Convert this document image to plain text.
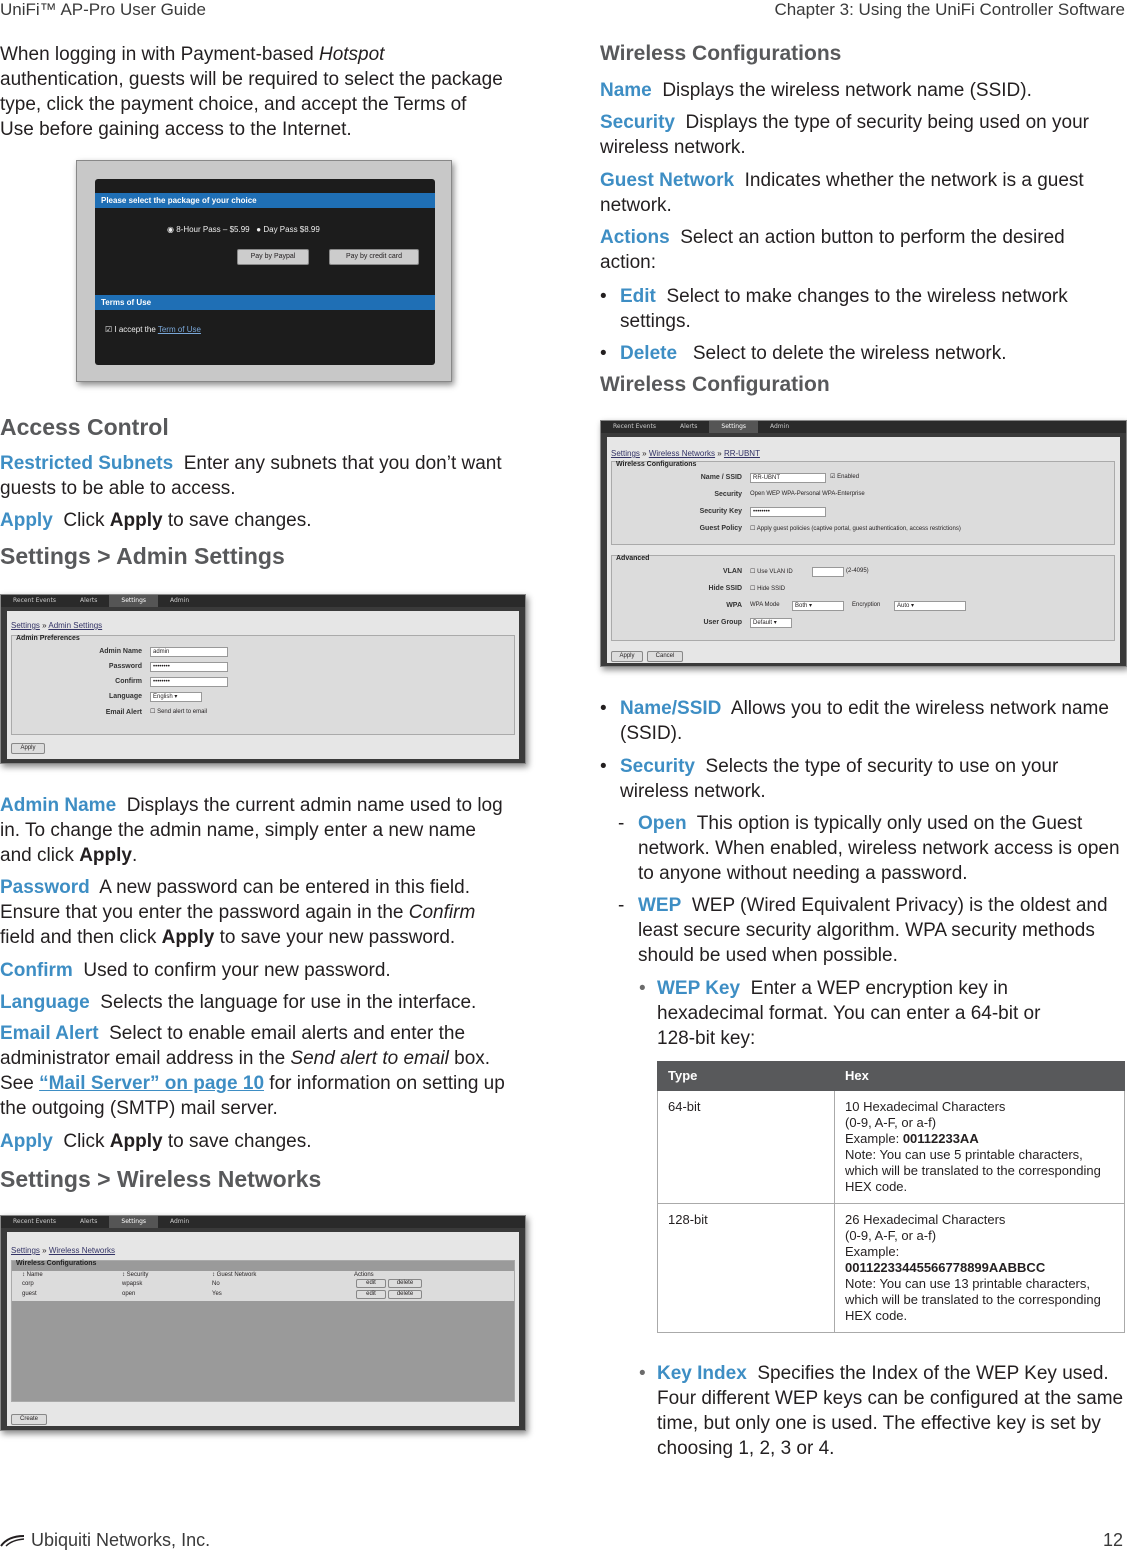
UniFi™ AP-Pro User Guide	Chapter 3: Using the UniFi Controller Software

When logging in with Payment-based Hotspot authentication, guests will be required to select the package type, click the payment choice, and accept the Terms of Use before gaining access to the Internet.

Please select the package of your choice
◉ 8-Hour Pass – $5.99 ● Day Pass $8.99
Pay by Paypal	Pay by credit card
Terms of Use
☑ I accept the Term of Use
Access Control

Restricted Subnets Enter any subnets that you don’t want guests to be able to access.

Apply Click Apply to save changes.

Settings > Admin Settings
Recent Events	Alerts	Settings	Admin
Settings » Admin Settings
Admin Preferences
Admin Name	admin
Password	••••••••
Confirm	••••••••
Language	English ▾
Email Alert ☐ Send alert to email
Apply

Admin Name Displays the current admin name used to log in. To change the admin name, simply enter a new name and click Apply.

Password A new password can be entered in this field. Ensure that you enter the password again in the Confirm field and then click Apply to save your new password.

Confirm Used to confirm your new password.

Language Selects the language for use in the interface.

Email Alert Select to enable email alerts and enter the administrator email address in the Send alert to email box. See “Mail Server” on page 10 for information on setting up the outgoing (SMTP) mail server.

Apply Click Apply to save changes.

Settings > Wireless Networks
Recent Events	Alerts	Settings	Admin
Settings » Wireless Networks
Wireless Configurations
↕ Name	↕ Security	↕ Guest Network	Actions
corp	wpapsk	No	edit	delete
guest	open	Yes	edit	delete
Create
Wireless Configurations

Name Displays the wireless network name (SSID).

Security Displays the type of security being used on your wireless network.

Guest Network Indicates whether the network is a guest network.

Actions Select an action button to perform the desired action:

• Edit Select to make changes to the wireless network settings.

• Delete Select to delete the wireless network.

Wireless Configuration
Recent Events	Alerts	Settings	Admin
Settings » Wireless Networks » RR-UBNT
Wireless Configurations
Name / SSID	RR-UBNT	☑ Enabled
Security Open WEP WPA-Personal WPA-Enterprise
Security Key	••••••••
Guest Policy ☐ Apply guest policies (captive portal, guest authentication, access restrictions)
Advanced
VLAN ☐ Use VLAN ID	(2-4095)
Hide SSID ☐ Hide SSID
WPA WPA Mode	Both ▾	Encryption	Auto ▾
User Group	Default ▾
Apply	Cancel

• Name/SSID Allows you to edit the wireless network name (SSID).

• Security Selects the type of security to use on your wireless network.

- Open This option is typically only used on the Guest network. When enabled, wireless network access is open to anyone without needing a password.

- WEP WEP (Wired Equivalent Privacy) is the oldest and least secure security algorithm. WPA security methods should be used when possible.

• WEP Key Enter a WEP encryption key in hexadecimal format. You can enter a 64-bit or 128-bit key:

Type	Hex
64-bit	10 Hexadecimal Characters
(0-9, A-F, or a-f)
Example: 00112233AA
Note: You can use 5 printable characters, which will be translated to the corresponding HEX code.

128-bit	26 Hexadecimal Characters
(0-9, A-F, or a-f)
Example:
00112233445566778899AABBCC
Note: You can use 13 printable characters, which will be translated to the corresponding HEX code.

• Key Index Specifies the Index of the WEP Key used. Four different WEP keys can be configured at the same time, but only one is used. The effective key is set by choosing 1, 2, 3 or 4.

Ubiquiti Networks, Inc.	12
